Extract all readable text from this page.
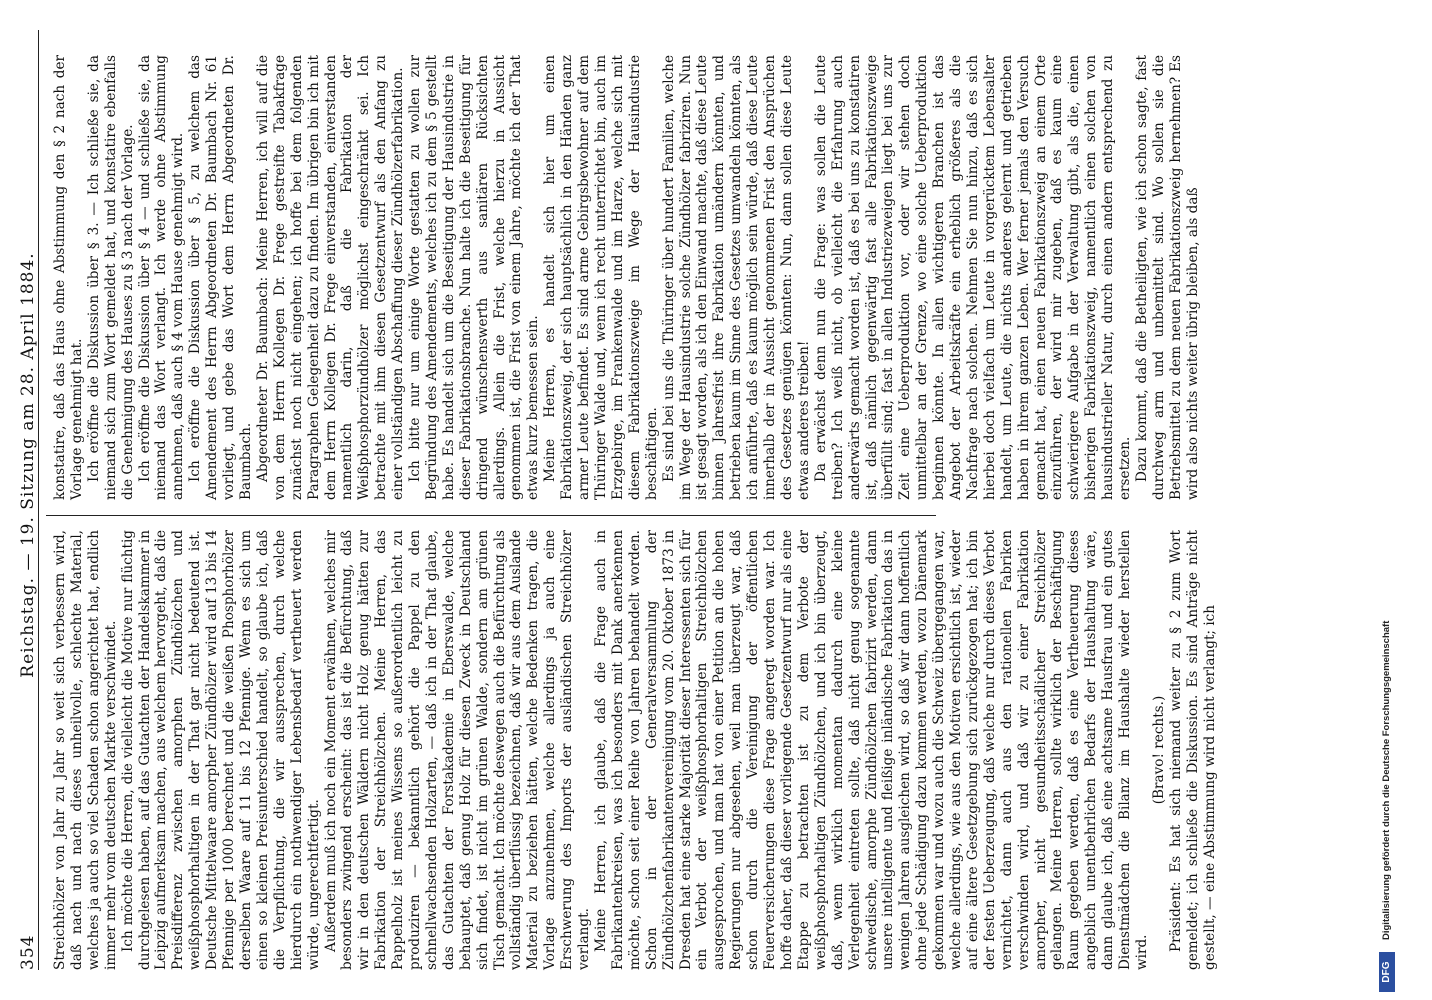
354
Reichstag. — 19. Sitzung am 28. April 1884.

Streichhölzer von Jahr zu Jahr so weit sich verbessern wird, daß nach und nach dieses unheilvolle, schlechte Material, welches ja auch so viel Schaden schon angerichtet hat, endlich immer mehr vom deutschen Markte verschwindet. Ich möchte die Herren, die vielleicht die Motive nur flüchtig durchgelesen haben, auf das Gutachten der Handelskammer in Leipzig aufmerksam machen, aus welchem hervorgeht, daß die Preisdifferenz zwischen amorphen Zündhölzchen und weißphosphorhaltigen in der That gar nicht bedeutend ist. Deutsche Mittelwaare amorpher Zündhölzer wird auf 13 bis 14 Pfennige per 1000 berechnet und die weißen Phosphorhölzer derselben Waare auf 11 bis 12 Pfennige. Wenn es sich um einen so kleinen Preisunterschied handelt, so glaube ich, daß die Verpflichtung, die wir aussprechen, durch welche hierdurch ein nothwendiger Lebensbedarf vertheuert werden würde, ungerechtfertigt. Außerdem muß ich noch ein Moment erwähnen, welches mir besonders zwingend erscheint: das ist die Befürchtung, daß wir in den deutschen Wäldern nicht Holz genug hätten zur Fabrikation der Streichhölzchen. Meine Herren, das Pappelholz ist meines Wissens so außerordentlich leicht zu produziren — bekanntlich gehört die Pappel zu den schnellwachsenden Holzarten, — daß ich in der That glaube, das Gutachten der Forstakademie in Eberswalde, welche behauptet, daß genug Holz für diesen Zweck in Deutschland sich findet, ist nicht im grünen Walde, sondern am grünen Tisch gemacht. Ich möchte deswegen auch die Befürchtung als vollständig überflüssig bezeichnen, daß wir aus dem Auslande Material zu beziehen hätten, welche Bedenken tragen, die Vorlage anzunehmen, welche allerdings ja auch eine Erschwerung des Imports der ausländischen Streichhölzer verlangt. Meine Herren, ich glaube, daß die Frage auch in Fabrikantenkreisen, was ich besonders mit Dank anerkennen möchte, schon seit einer Reihe von Jahren behandelt worden. Schon in der Generalversammlung der Zündhölzchenfabrikantenvereinigung vom 20. Oktober 1873 in Dresden hat eine starke Majorität dieser Interessenten sich für ein Verbot der weißphosphorhaltigen Streichhölzchen ausgesprochen, und man hat von einer Petition an die hohen Regierungen nur abgesehen, weil man überzeugt war, daß schon durch die Vereinigung der öffentlichen Feuerversicherungen diese Frage angeregt worden war. Ich hoffe daher, daß dieser vorliegende Gesetzentwurf nur als eine Etappe zu betrachten ist zu dem Verbote der weißphosphorhaltigen Zündhölzchen, und ich bin überzeugt, daß, wenn wirklich momentan dadurch eine kleine Verlegenheit eintreten sollte, daß nicht genug sogenannte schwedische, amorphe Zündhölzchen fabrizirt werden, dann unsere intelligente und fleißige inländische Fabrikation das in wenigen Jahren ausgleichen wird, so daß wir dann hoffentlich ohne jede Schädigung dazu kommen werden, wozu Dänemark gekommen war und wozu auch die Schweiz übergegangen war, welche allerdings, wie aus den Motiven ersichtlich ist, wieder auf eine ältere Gesetzgebung sich zurückgezogen hat; ich bin der festen Ueberzeugung, daß welche nur durch dieses Verbot vernichtet, dann auch aus den rationellen Fabriken verschwinden wird, und daß wir zu einer Fabrikation amorpher, nicht gesundheitsschädlicher Streichhölzer gelangen. Meine Herren, sollte wirklich der Beschäftigung Raum gegeben werden, daß es eine Vertheuerung dieses angeblich unentbehrlichen Bedarfs der Haushaltung wäre, dann glaube ich, daß eine achtsame Hausfrau und ein gutes Dienstmädchen die Bilanz im Haushalte wieder herstellen wird.

(Bravo! rechts.) Präsident: Es hat sich niemand weiter zu § 2 zum Wort gemeldet; ich schließe die Diskussion. Es sind Anträge nicht gestellt, — eine Abstimmung wird nicht verlangt; ich

konstatire, daß das Haus ohne Abstimmung den § 2 nach der Vorlage genehmigt hat. Ich eröffne die Diskussion über § 3. — Ich schließe sie, da niemand sich zum Wort gemeldet hat, und konstatire ebenfalls die Genehmigung des Hauses zu § 3 nach der Vorlage. Ich eröffne die Diskussion über § 4 — und schließe sie, da niemand das Wort verlangt. Ich werde ohne Abstimmung annehmen, daß auch § 4 vom Hause genehmigt wird. Ich eröffne die Diskussion über § 5, zu welchem das Amendement des Herrn Abgeordneten Dr. Baumbach Nr. 61 vorliegt, und gebe das Wort dem Herrn Abgeordneten Dr. Baumbach. Abgeordneter Dr. Baumbach: Meine Herren, ich will auf die von dem Herrn Kollegen Dr. Frege gestreifte Tabakfrage zunächst noch nicht eingehen; ich hoffe bei dem folgenden Paragraphen Gelegenheit dazu zu finden. Im übrigen bin ich mit dem Herrn Kollegen Dr. Frege einverstanden, einverstanden namentlich darin, daß die Fabrikation der Weißphosphorzündhölzer möglichst eingeschränkt sei. Ich betrachte mit ihm diesen Gesetzentwurf als den Anfang zu einer vollständigen Abschaffung dieser Zündhölzerfabrikation. Ich bitte nur um einige Worte gestatten zu wollen zur Begründung des Amendements, welches ich zu dem § 5 gestellt habe. Es handelt sich um die Beseitigung der Hausindustrie in dieser Fabrikationsbranche. Nun halte ich die Beseitigung für dringend wünschenswerth aus sanitären Rücksichten allerdings. Allein die Frist, welche hierzu in Aussicht genommen ist, die Frist von einem Jahre, möchte ich der That etwas kurz bemessen sein. Meine Herren, es handelt sich hier um einen Fabrikationszweig, der sich hauptsächlich in den Händen ganz armer Leute befindet. Es sind arme Gebirgsbewohner auf dem Thüringer Walde und, wenn ich recht unterrichtet bin, auch im Erzgebirge, im Frankenwalde und im Harze, welche sich mit diesem Fabrikationszweige im Wege der Hausindustrie beschäftigen. Es sind bei uns die Thüringer über hundert Familien, welche im Wege der Hausindustrie solche Zündhölzer fabriziren. Nun ist gesagt worden, als ich den Einwand machte, daß diese Leute binnen Jahresfrist ihre Fabrikation umändern könnten, und betrieben kaum im Sinne des Gesetzes umwandeln könnten, als ich anführte, daß es kaum möglich sein würde, daß diese Leute innerhalb der in Aussicht genommenen Frist den Ansprüchen des Gesetzes genügen könnten: Nun, dann sollen diese Leute etwas anderes treiben! Da erwächst denn nun die Frage: was sollen die Leute treiben? Ich weiß nicht, ob vielleicht die Erfahrung auch anderwärts gemacht worden ist, daß es bei uns zu konstatiren ist, daß nämlich gegenwärtig fast alle Fabrikationszweige überfüllt sind; fast in allen Industriezweigen liegt bei uns zur Zeit eine Ueberproduktion vor, oder wir stehen doch unmittelbar an der Grenze, wo eine solche Ueberproduktion beginnen könnte. In allen wichtigeren Branchen ist das Angebot der Arbeitskräfte ein erheblich größeres als die Nachfrage nach solchen. Nehmen Sie nun hinzu, daß es sich hierbei doch vielfach um Leute in vorgerücktem Lebensalter handelt, um Leute, die nichts anderes gelernt und getrieben haben in ihrem ganzen Leben. Wer ferner jemals den Versuch gemacht hat, einen neuen Fabrikationszweig an einem Orte einzuführen, der wird mir zugeben, daß es kaum eine schwierigere Aufgabe in der Verwaltung gibt, als die, einen bisherigen Fabrikationszweig, namentlich einen solchen von hausindustrieller Natur, durch einen andern entsprechend zu ersetzen. Dazu kommt, daß die Betheiligten, wie ich schon sagte, fast durchweg arm und unbemittelt sind. Wo sollen sie die Betriebsmittel zu dem neuen Fabrikationszweig hernehmen? Es wird also nichts weiter übrig bleiben, als daß

DFG
Digitalisierung gefördert durch die Deutsche Forschungsgemeinschaft
